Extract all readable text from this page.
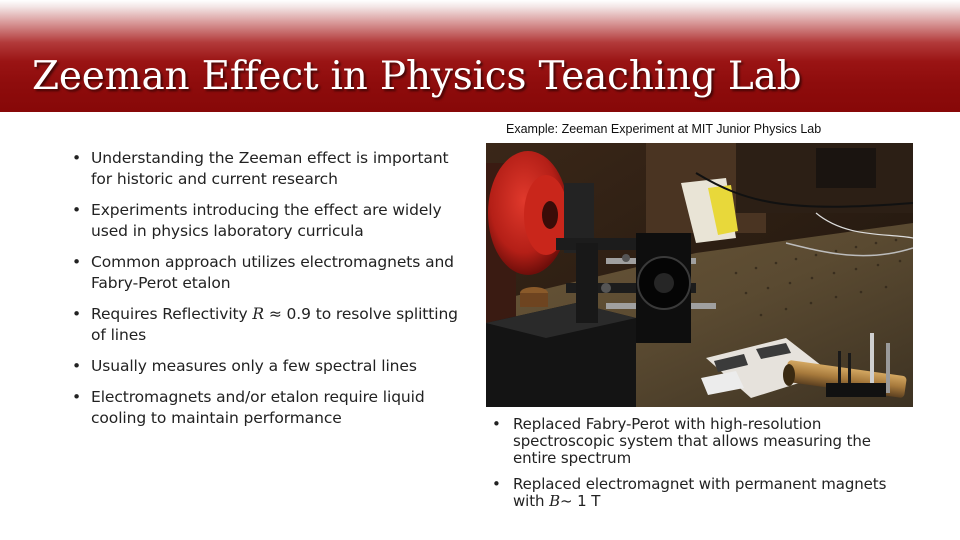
Zeeman Effect in Physics Teaching Lab
• Understanding the Zeeman effect is important for historic and current research
• Experiments introducing the effect are widely used in physics laboratory curricula
• Common approach utilizes electromagnets and Fabry-Perot etalon
• Requires Reflectivity R ≈ 0.9 to resolve splitting of lines
• Usually measures only a few spectral lines
• Electromagnets and/or etalon require liquid cooling to maintain performance
Example: Zeeman Experiment at MIT Junior Physics Lab
• Replaced Fabry-Perot with high-resolution spectroscopic system that allows measuring the entire spectrum
• Replaced electromagnet with permanent magnets with B~ 1 T
